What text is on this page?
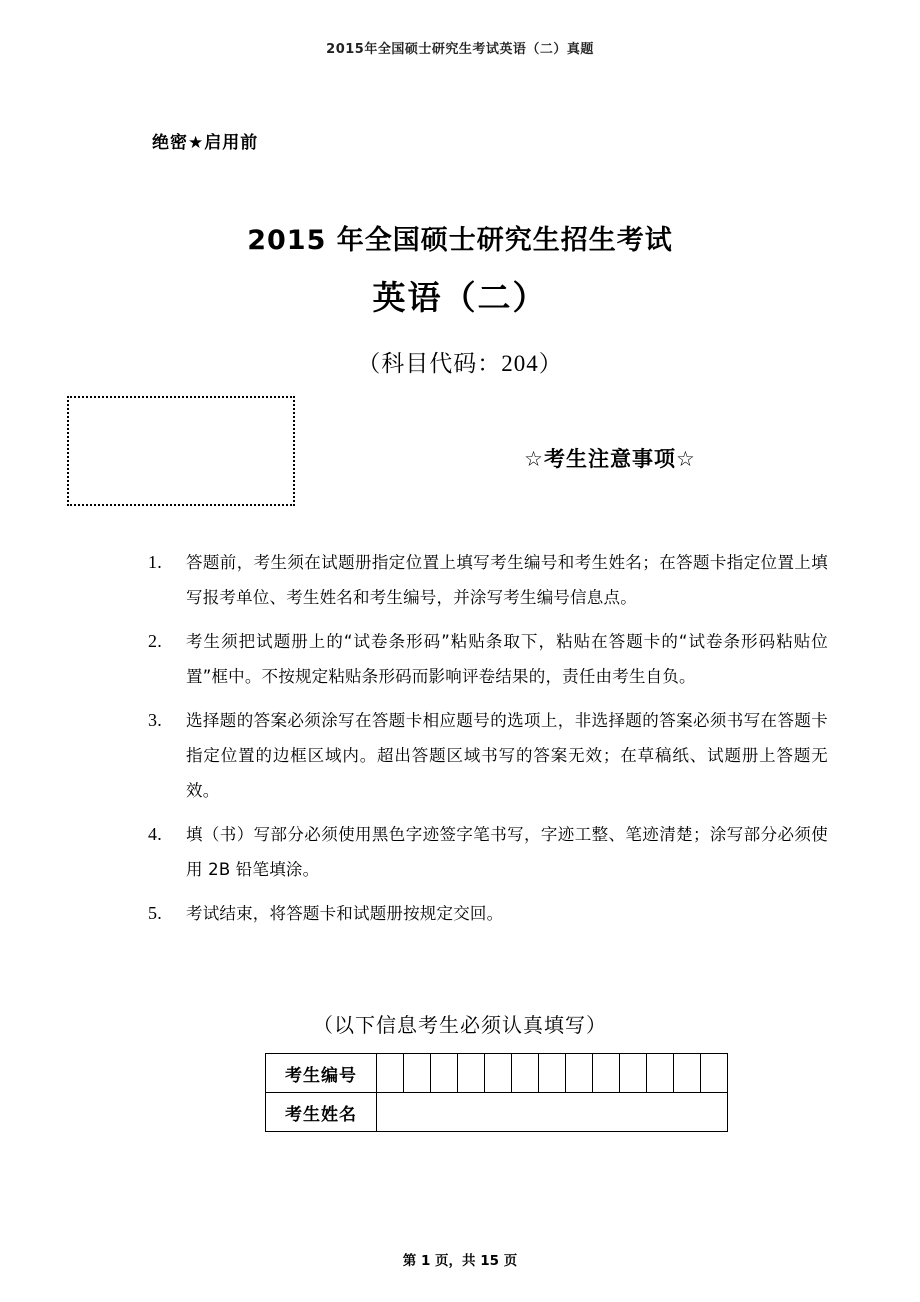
2015年全国硕士研究生考试英语（二）真题
绝密★启用前
2015 年全国硕士研究生招生考试
英语（二）
（科目代码：204）
☆考生注意事项☆
1. 答题前，考生须在试题册指定位置上填写考生编号和考生姓名；在答题卡指定位置上填写报考单位、考生姓名和考生编号，并涂写考生编号信息点。
2. 考生须把试题册上的“试卷条形码”粘贴条取下，粘贴在答题卡的“试卷条形码粘贴位置”框中。不按规定粘贴条形码而影响评卷结果的，责任由考生自负。
3. 选择题的答案必须涂写在答题卡相应题号的选项上，非选择题的答案必须书写在答题卡指定位置的边框区域内。超出答题区域书写的答案无效；在草稿纸、试题册上答题无效。
4. 填（书）写部分必须使用黑色字迹签字笔书写，字迹工整、笔迹清楚；涂写部分必须使用 2B 铅笔填涂。
5. 考试结束，将答题卡和试题册按规定交回。
（以下信息考生必须认真填写）
考生编号													
考生姓名													
第 1 页，共 15 页
